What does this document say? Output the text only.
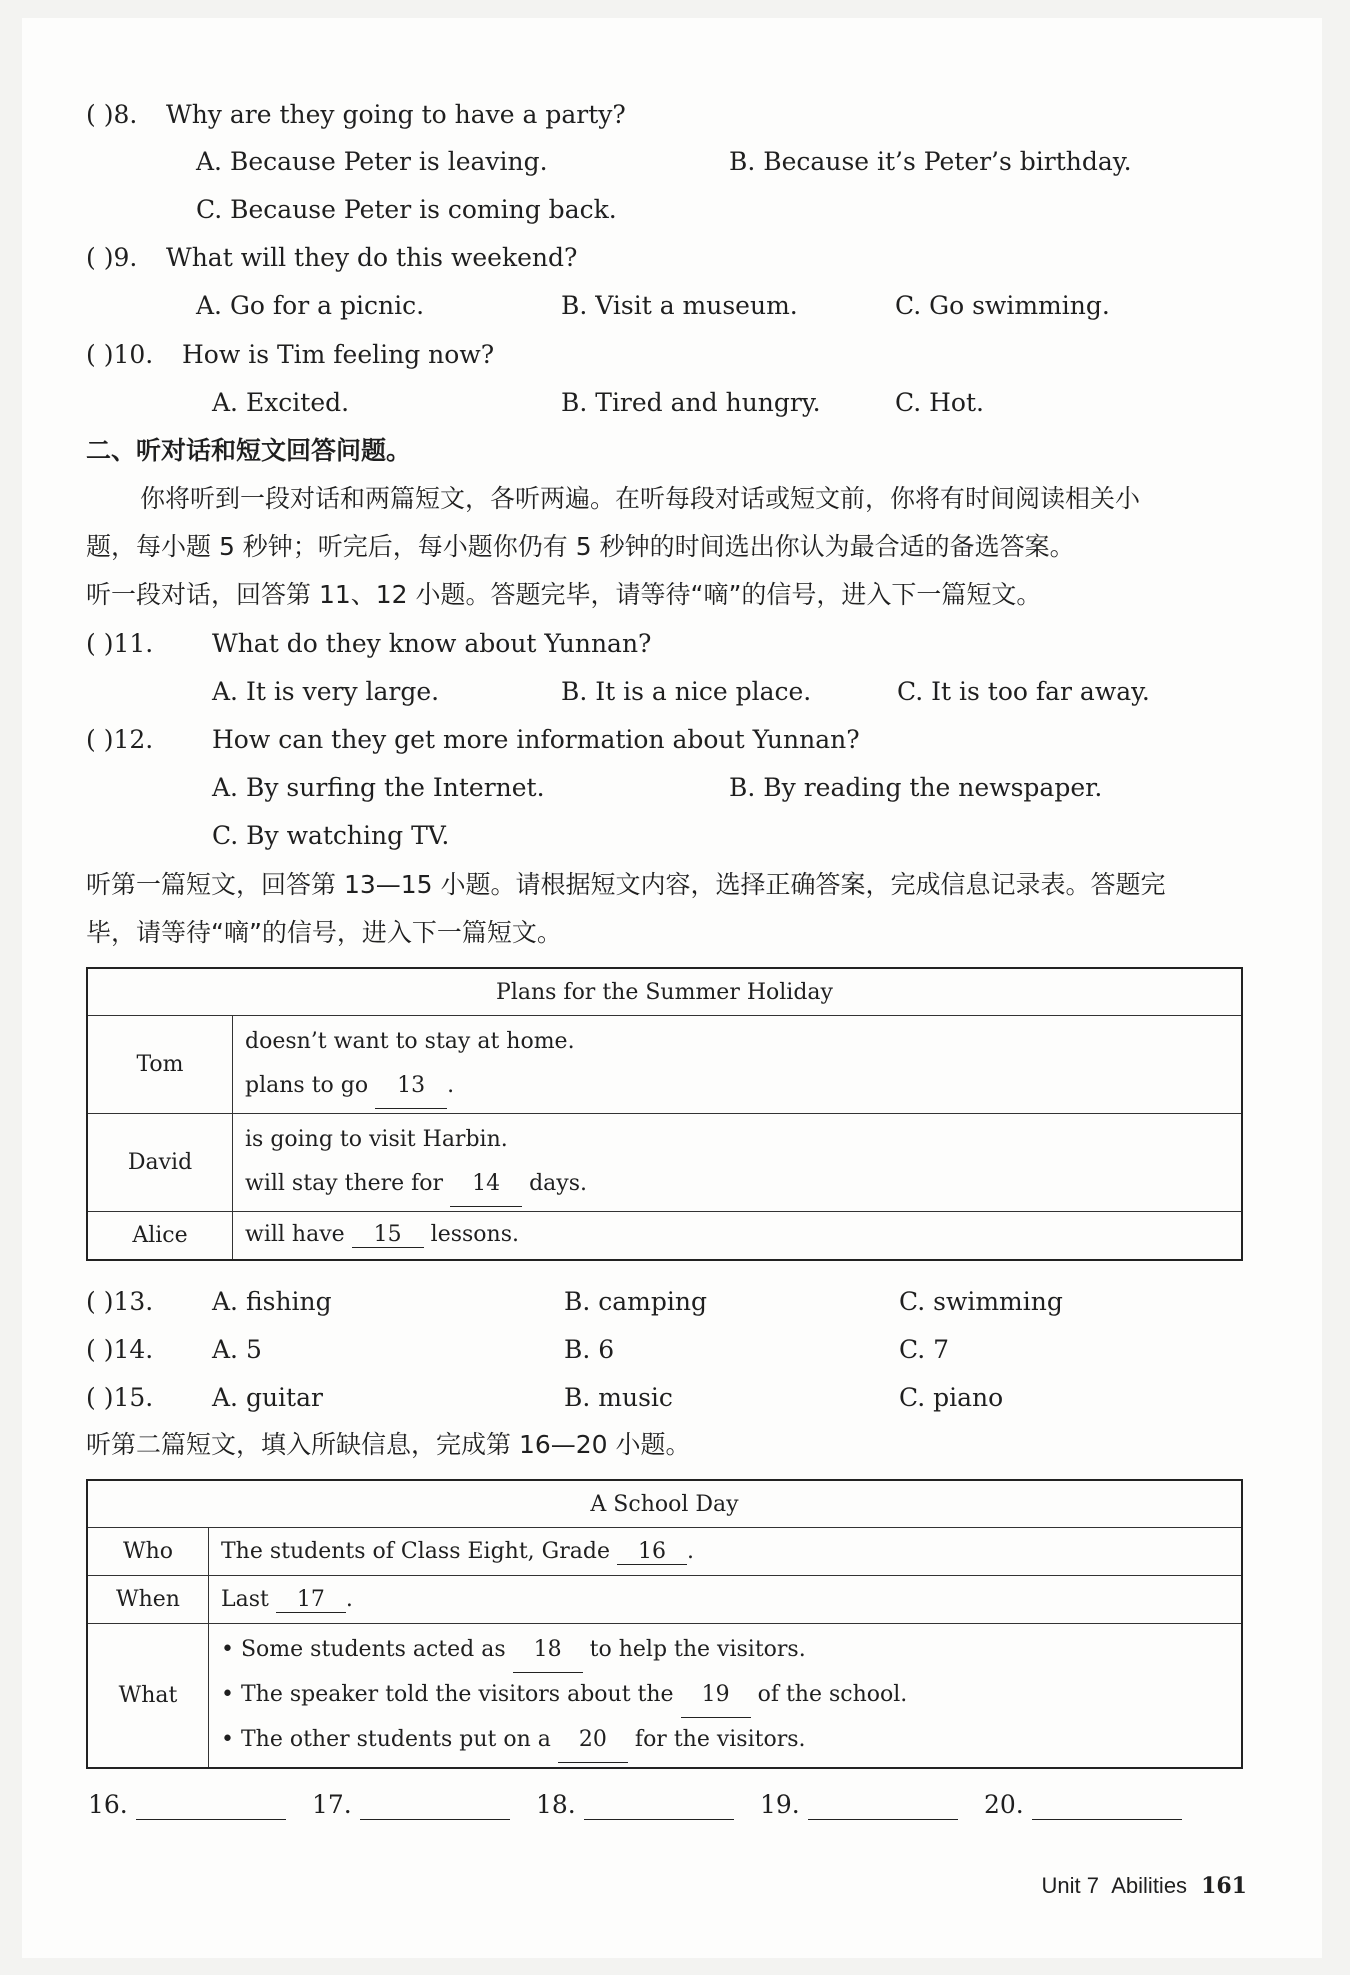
( )8. Why are they going to have a party?
A. Because Peter is leaving.	B. Because it’s Peter’s birthday.
C. Because Peter is coming back.
( )9. What will they do this weekend?
A. Go for a picnic.	B. Visit a museum.	C. Go swimming.
( )10. How is Tim feeling now?
A. Excited.	B. Tired and hungry.	C. Hot.
二、听对话和短文回答问题。
你将听到一段对话和两篇短文，各听两遍。在听每段对话或短文前，你将有时间阅读相关小
题，每小题 5 秒钟；听完后，每小题你仍有 5 秒钟的时间选出你认为最合适的备选答案。
听一段对话，回答第 11、12 小题。答题完毕，请等待“嘀”的信号，进入下一篇短文。
( )11. What do they know about Yunnan?
A. It is very large.	B. It is a nice place.	C. It is too far away.
( )12. How can they get more information about Yunnan?
A. By surfing the Internet.	B. By reading the newspaper.
C. By watching TV.
听第一篇短文，回答第 13—15 小题。请根据短文内容，选择正确答案，完成信息记录表。答题完
毕，请等待“嘀”的信号，进入下一篇短文。
Plans for the Summer Holiday	
Tom	doesn’t want to stay at home.
plans to go 13 .

David	is going to visit Harbin.
will stay there for 14 days.

Alice	will have 15 lessons.
( )13. A. fishing	B. camping	C. swimming
( )14. A. 5	B. 6	C. 7
( )15. A. guitar	B. music	C. piano
听第二篇短文，填入所缺信息，完成第 16—20 小题。
A School Day	
Who	The students of Class Eight, Grade 16 .
When	Last 17 .
What	• Some students acted as 18 to help the visitors.
• The speaker told the visitors about the 19 of the school.
• The other students put on a 20 for the visitors.
16.	17.	18.	19.	20.
Unit 7 Abilities 161
